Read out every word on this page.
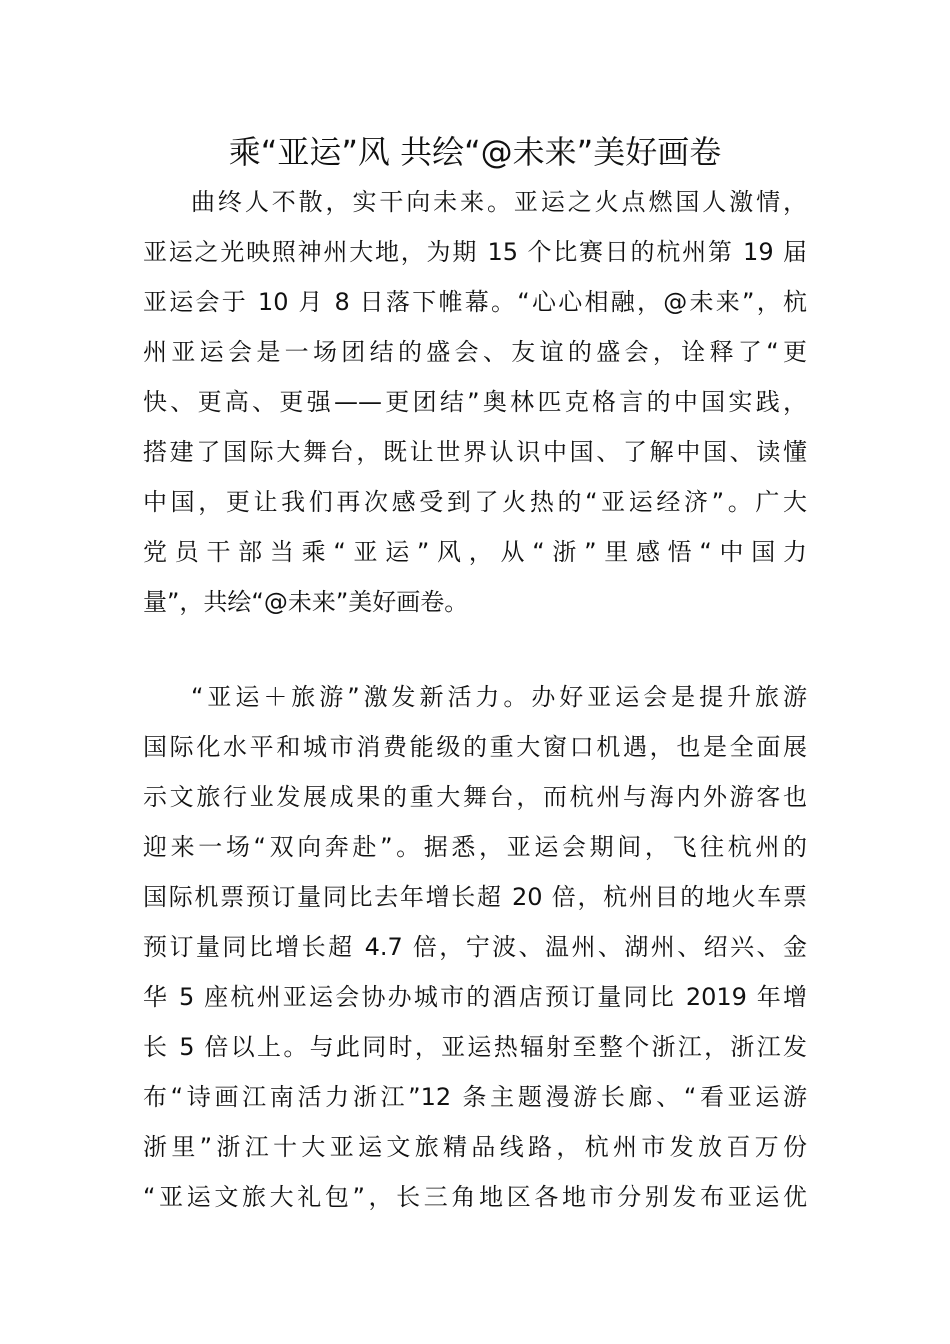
乘“亚运”风 共绘“@未来”美好画卷
曲终人不散，实干向未来。亚运之火点燃国人激情，
亚运之光映照神州大地，为期 15 个比赛日的杭州第 19 届
亚运会于 10 月 8 日落下帷幕。“心心相融，@未来”，杭
州亚运会是一场团结的盛会、友谊的盛会，诠释了“更
快、更高、更强——更团结”奥林匹克格言的中国实践，
搭建了国际大舞台，既让世界认识中国、了解中国、读懂
中国，更让我们再次感受到了火热的“亚运经济”。广大
党员干部当乘“亚运”风，从“浙”里感悟“中国力
量”，共绘“@未来”美好画卷。
“亚运＋旅游”激发新活力。办好亚运会是提升旅游
国际化水平和城市消费能级的重大窗口机遇，也是全面展
示文旅行业发展成果的重大舞台，而杭州与海内外游客也
迎来一场“双向奔赴”。据悉，亚运会期间，飞往杭州的
国际机票预订量同比去年增长超 20 倍，杭州目的地火车票
预订量同比增长超 4.7 倍，宁波、温州、湖州、绍兴、金
华 5 座杭州亚运会协办城市的酒店预订量同比 2019 年增
长 5 倍以上。与此同时，亚运热辐射至整个浙江，浙江发
布“诗画江南活力浙江”12 条主题漫游长廊、“看亚运游
浙里”浙江十大亚运文旅精品线路，杭州市发放百万份
“亚运文旅大礼包”，长三角地区各地市分别发布亚运优
